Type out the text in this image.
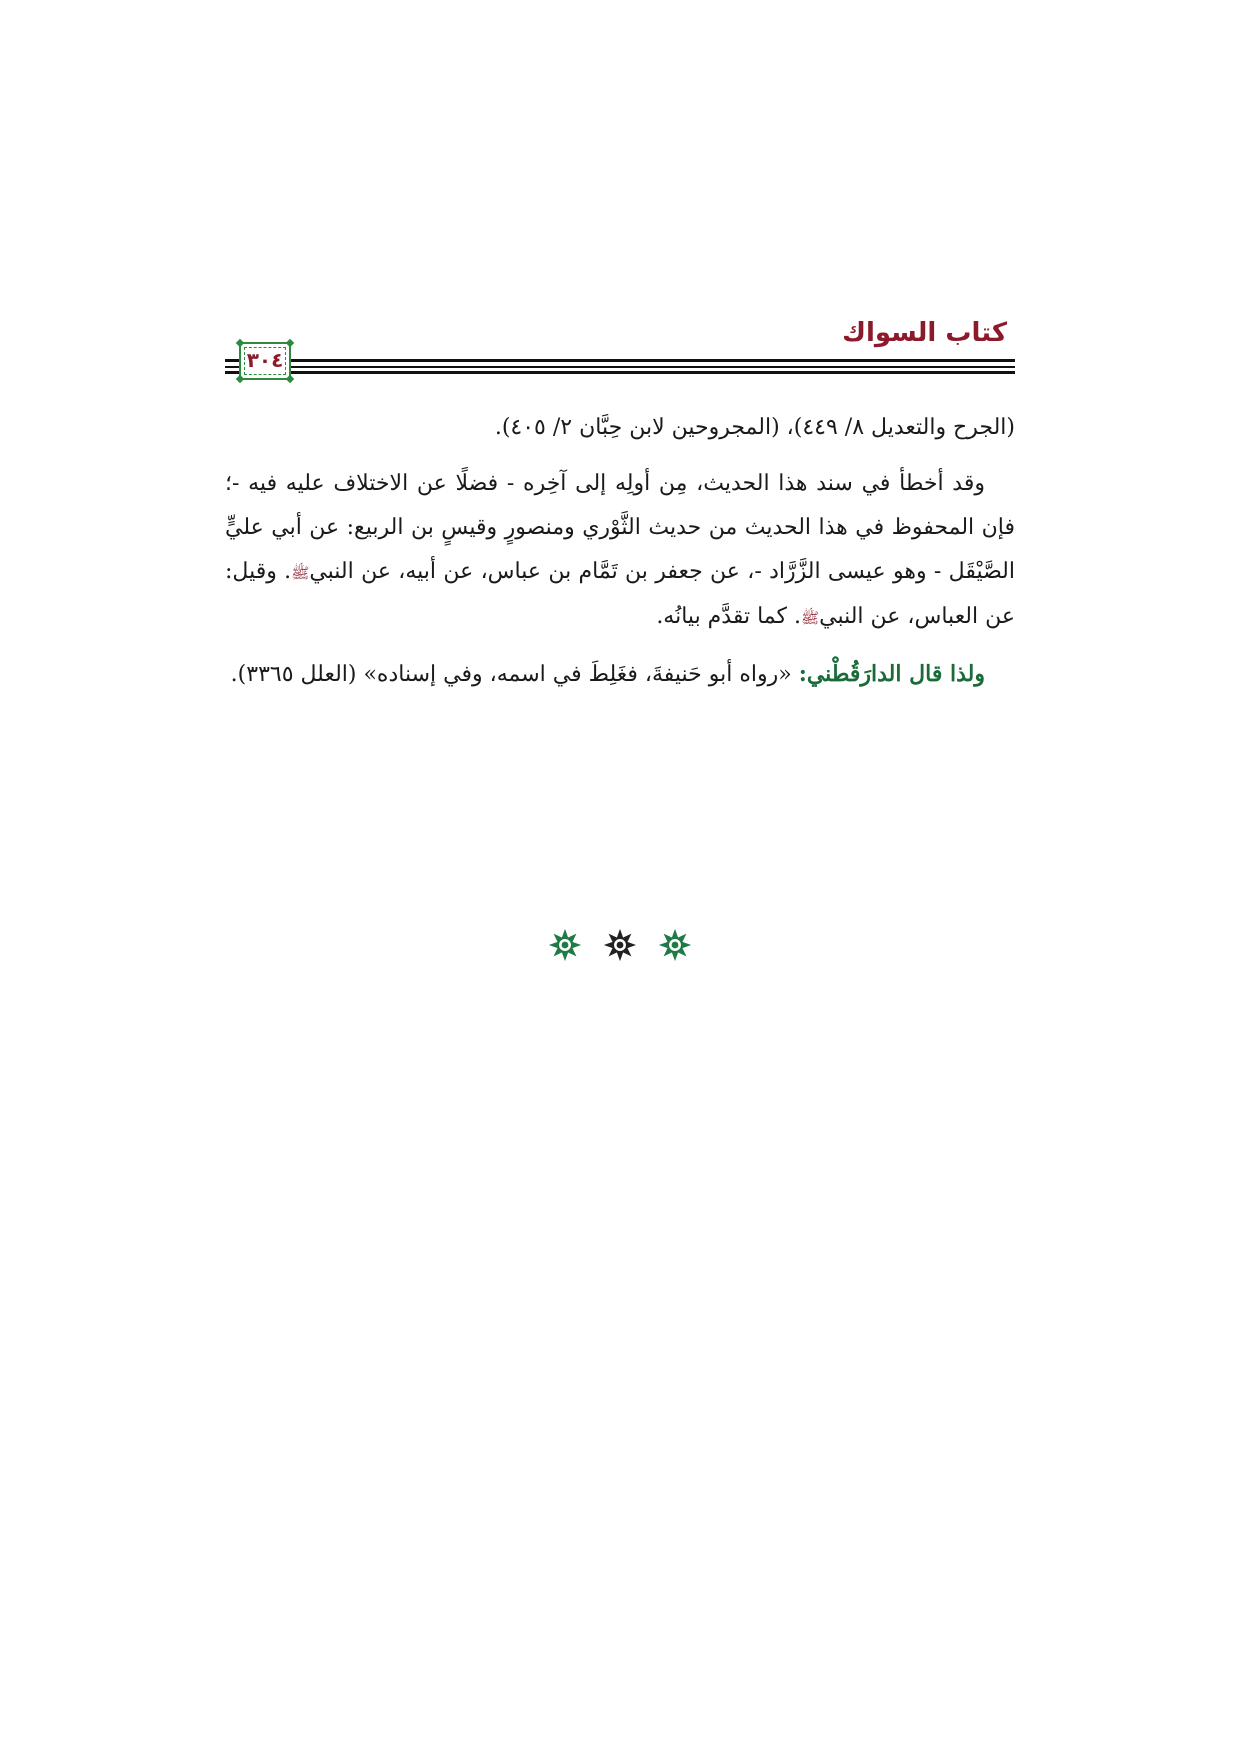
كتاب السواك
٣٠٤

(الجرح والتعديل ٨/ ٤٤٩)، (المجروحين لابن حِبَّان ٢/ ٤٠٥).

وقد أخطأ في سند هذا الحديث، مِن أولِه إلى آخِره - فضلًا عن الاختلاف عليه فيه -؛ فإن المحفوظ في هذا الحديث من حديث الثَّوْري ومنصورٍ وقيسٍ بن الربيع: عن أبي عليٍّ الصَّيْقَل - وهو عيسى الزَّرَّاد -، عن جعفر بن تَمَّام بن عباس، عن أبيه، عن النبيﷺ. وقيل: عن العباس، عن النبيﷺ. كما تقدَّم بيانُه.

ولذا قال الدارَقُطْني: «رواه أبو حَنيفةَ، فغَلِطَ في اسمه، وفي إسناده» (العلل ٣٣٦٥).
